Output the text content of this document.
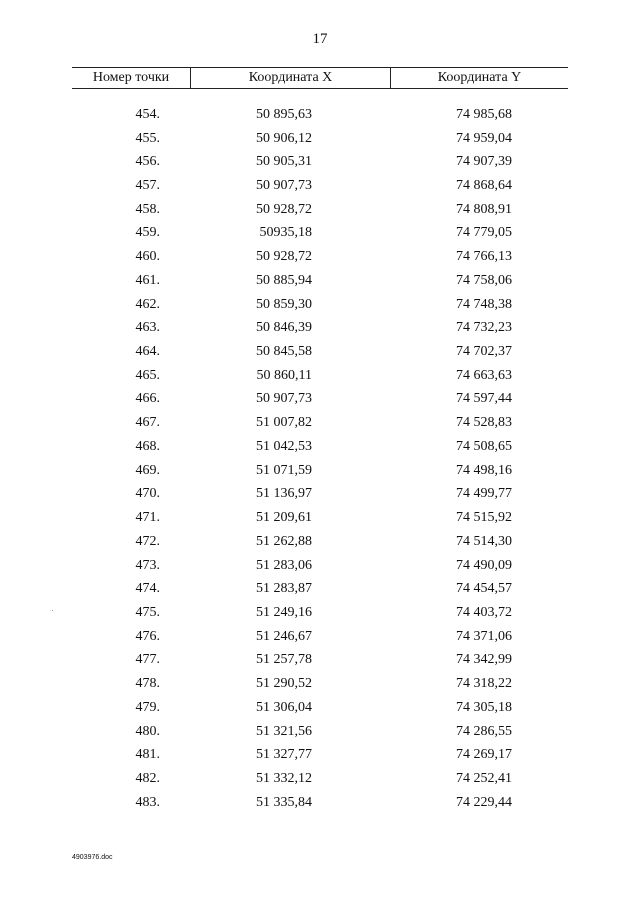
17
Номер точки	Координата X	Координата Y
454.	50 895,63	74 985,68
455.	50 906,12	74 959,04
456.	50 905,31	74 907,39
457.	50 907,73	74 868,64
458.	50 928,72	74 808,91
459.	50935,18	74 779,05
460.	50 928,72	74 766,13
461.	50 885,94	74 758,06
462.	50 859,30	74 748,38
463.	50 846,39	74 732,23
464.	50 845,58	74 702,37
465.	50 860,11	74 663,63
466.	50 907,73	74 597,44
467.	51 007,82	74 528,83
468.	51 042,53	74 508,65
469.	51 071,59	74 498,16
470.	51 136,97	74 499,77
471.	51 209,61	74 515,92
472.	51 262,88	74 514,30
473.	51 283,06	74 490,09
474.	51 283,87	74 454,57
475.	51 249,16	74 403,72
476.	51 246,67	74 371,06
477.	51 257,78	74 342,99
478.	51 290,52	74 318,22
479.	51 306,04	74 305,18
480.	51 321,56	74 286,55
481.	51 327,77	74 269,17
482.	51 332,12	74 252,41
483.	51 335,84	74 229,44
4903976.doc
